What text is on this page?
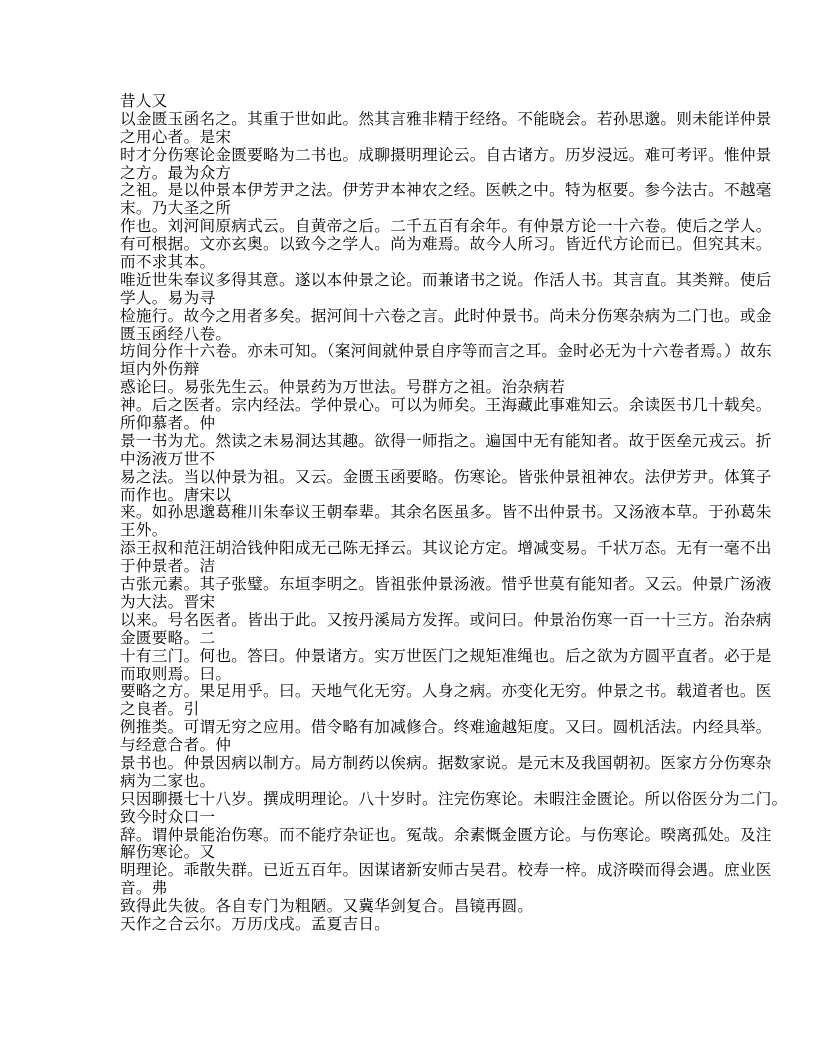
昔人又
以金匮玉函名之。其重于世如此。然其言雅非精于经络。不能晓会。若孙思邈。则未能详仲景
之用心者。是宋
时才分伤寒论金匮要略为二书也。成聊摄明理论云。自古诸方。历岁浸远。难可考评。惟仲景
之方。最为众方
之祖。是以仲景本伊芳尹之法。伊芳尹本神农之经。医帙之中。特为枢要。参今法古。不越毫
末。乃大圣之所
作也。刘河间原病式云。自黄帝之后。二千五百有余年。有仲景方论一十六卷。使后之学人。
有可根据。文亦玄奥。以致今之学人。尚为难焉。故今人所习。皆近代方论而已。但究其末。
而不求其本。
唯近世朱奉议多得其意。遂以本仲景之论。而兼诸书之说。作活人书。其言直。其类辩。使后
学人。易为寻
检施行。故今之用者多矣。据河间十六卷之言。此时仲景书。尚未分伤寒杂病为二门也。或金
匮玉函经八卷。
坊间分作十六卷。亦未可知。（案河间就仲景自序等而言之耳。金时必无为十六卷者焉。）故东
垣内外伤辩
惑论曰。易张先生云。仲景药为万世法。号群方之祖。治杂病若
神。后之医者。宗内经法。学仲景心。可以为师矣。王海藏此事难知云。余读医书几十载矣。
所仰慕者。仲
景一书为尤。然读之未易洞达其趣。欲得一师指之。遍国中无有能知者。故于医垒元戎云。折
中汤液万世不
易之法。当以仲景为祖。又云。金匮玉函要略。伤寒论。皆张仲景祖神农。法伊芳尹。体箕子
而作也。唐宋以
来。如孙思邈葛稚川朱奉议王朝奉辈。其余名医虽多。皆不出仲景书。又汤液本草。于孙葛朱
王外。
添王叔和范汪胡洽钱仲阳成无己陈无择云。其议论方定。增减变易。千状万态。无有一毫不出
于仲景者。洁
古张元素。其子张璧。东垣李明之。皆祖张仲景汤液。惜乎世莫有能知者。又云。仲景广汤液
为大法。晋宋
以来。号名医者。皆出于此。又按丹溪局方发挥。或问曰。仲景治伤寒一百一十三方。治杂病
金匮要略。二
十有三门。何也。答曰。仲景诸方。实万世医门之规矩准绳也。后之欲为方圆平直者。必于是
而取则焉。曰。
要略之方。果足用乎。曰。天地气化无穷。人身之病。亦变化无穷。仲景之书。载道者也。医
之良者。引
例推类。可谓无穷之应用。借令略有加减修合。终难逾越矩度。又曰。圆机活法。内经具举。
与经意合者。仲
景书也。仲景因病以制方。局方制药以俟病。据数家说。是元末及我国朝初。医家方分伤寒杂
病为二家也。
只因聊摄七十八岁。撰成明理论。八十岁时。注完伤寒论。未暇注金匮论。所以俗医分为二门。
致今时众口一
辞。谓仲景能治伤寒。而不能疗杂证也。冤哉。余素慨金匮方论。与伤寒论。暌离孤处。及注
解伤寒论。又
明理论。乖散失群。已近五百年。因谋诸新安师古吴君。校寿一梓。成济暌而得会遇。庶业医
音。弗
致得此失彼。各自专门为粗陋。又冀华剑复合。昌镜再圆。
天作之合云尔。万历戊戌。孟夏吉日。
